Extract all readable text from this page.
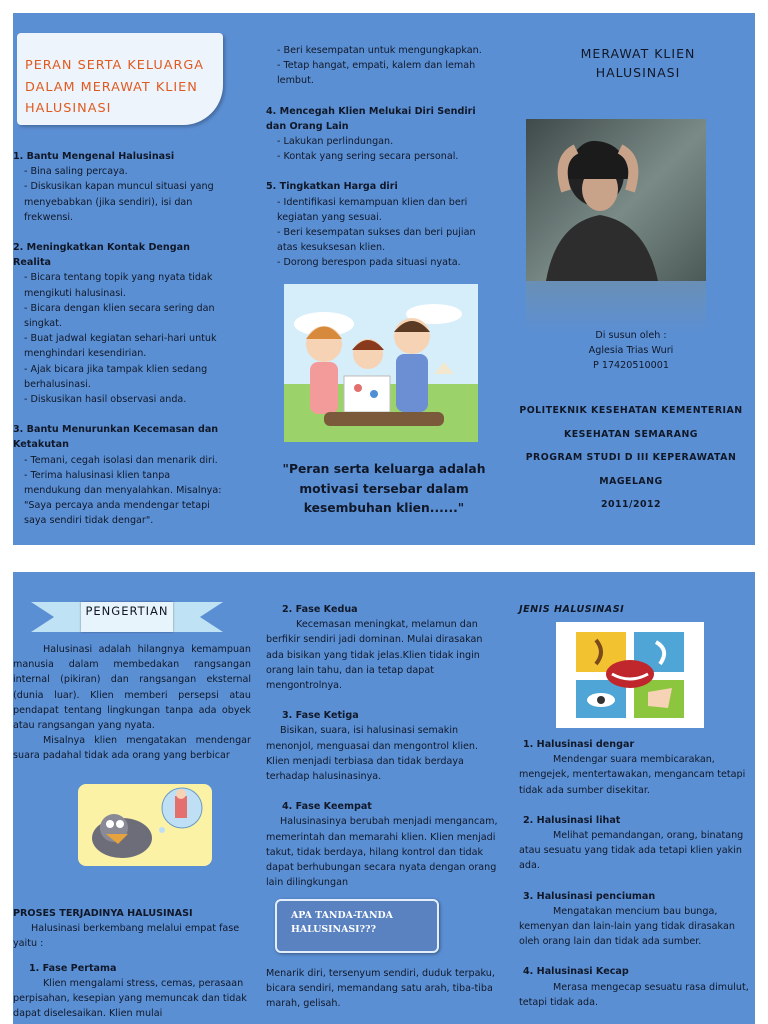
PERAN SERTA KELUARGA DALAM MERAWAT KLIEN HALUSINASI

1. Bantu Mengenal Halusinasi

- Bina saling percaya.

- Diskusikan kapan muncul situasi yang menyebabkan (jika sendiri), isi dan frekwensi.

2. Meningkatkan Kontak Dengan Realita

- Bicara tentang topik yang nyata tidak mengikuti halusinasi.

- Bicara dengan klien secara sering dan singkat.

- Buat jadwal kegiatan sehari-hari untuk menghindari kesendirian.

- Ajak bicara jika tampak klien sedang berhalusinasi.

- Diskusikan hasil observasi anda.

3. Bantu Menurunkan Kecemasan dan Ketakutan

- Temani, cegah isolasi dan menarik diri.

- Terima halusinasi klien tanpa mendukung dan menyalahkan. Misalnya: "Saya percaya anda mendengar tetapi saya sendiri tidak dengar".

- Beri kesempatan untuk mengungkapkan.

- Tetap hangat, empati, kalem dan lemah lembut.

4. Mencegah Klien Melukai Diri Sendiri dan Orang Lain

- Lakukan perlindungan.

- Kontak yang sering secara personal.

5. Tingkatkan Harga diri

- Identifikasi kemampuan klien dan beri kegiatan yang sesuai.

- Beri kesempatan sukses dan beri pujian atas kesuksesan klien.

- Dorong berespon pada situasi nyata.

"Peran serta keluarga adalah motivasi tersebar dalam kesembuhan klien......"
MERAWAT KLIEN HALUSINASI
Di susun oleh :
Aglesia Trias Wuri
P 17420510001
POLITEKNIK KESEHATAN KEMENTERIAN
KESEHATAN SEMARANG
PROGRAM STUDI D III KEPERAWATAN
MAGELANG
2011/2012
PENGERTIAN

Halusinasi adalah hilangnya kemampuan manusia dalam membedakan rangsangan internal (pikiran) dan rangsangan eksternal (dunia luar). Klien memberi persepsi atau pendapat tentang lingkungan tanpa ada obyek atau rangsangan yang nyata.

Misalnya klien mengatakan mendengar suara padahal tidak ada orang yang berbicar

PROSES TERJADINYA HALUSINASI

Halusinasi berkembang melalui empat fase yaitu :

1. Fase Pertama

Klien mengalami stress, cemas, perasaan perpisahan, kesepian yang memuncak dan tidak dapat diselesaikan. Klien mulai

2. Fase Kedua

Kecemasan meningkat, melamun dan berfikir sendiri jadi dominan. Mulai dirasakan ada bisikan yang tidak jelas.Klien tidak ingin orang lain tahu, dan ia tetap dapat mengontrolnya.

3. Fase Ketiga

Bisikan, suara, isi halusinasi semakin menonjol, menguasai dan mengontrol klien. Klien menjadi terbiasa dan tidak berdaya terhadap halusinasinya.

4. Fase Keempat

Halusinasinya berubah menjadi mengancam, memerintah dan memarahi klien. Klien menjadi takut, tidak berdaya, hilang kontrol dan tidak dapat berhubungan secara nyata dengan orang lain dilingkungan

APA TANDA-TANDA HALUSINASI???

Menarik diri, tersenyum sendiri, duduk terpaku, bicara sendiri, memandang satu arah, tiba-tiba marah, gelisah.

JENIS HALUSINASI

1. Halusinasi dengar

Mendengar suara membicarakan, mengejek, mentertawakan, mengancam tetapi tidak ada sumber disekitar.

2. Halusinasi lihat

Melihat pemandangan, orang, binatang atau sesuatu yang tidak ada tetapi klien yakin ada.

3. Halusinasi penciuman

Mengatakan mencium bau bunga, kemenyan dan lain-lain yang tidak dirasakan oleh orang lain dan tidak ada sumber.

4. Halusinasi Kecap

Merasa mengecap sesuatu rasa dimulut, tetapi tidak ada.
